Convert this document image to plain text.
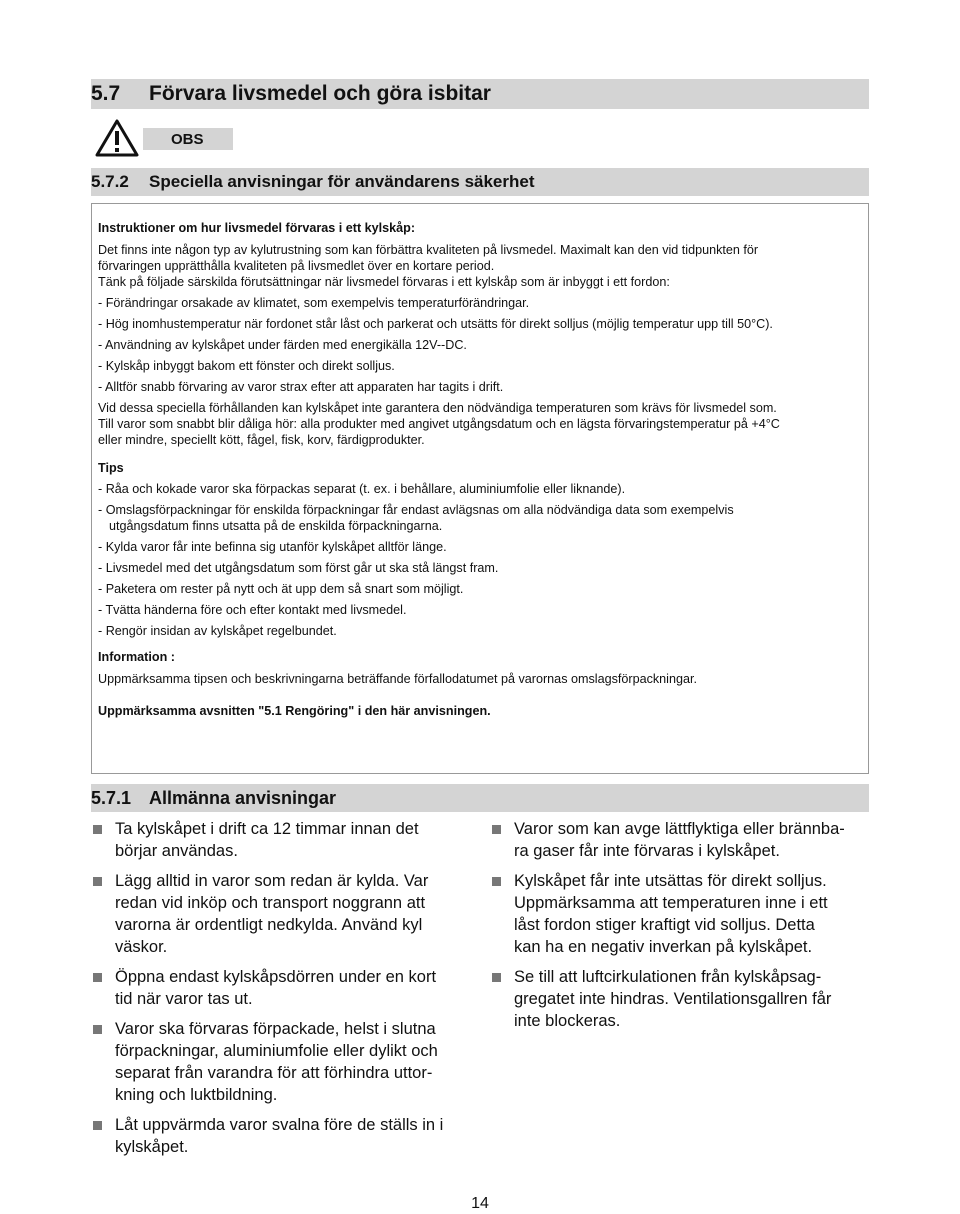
5.7	Förvara livsmedel och göra isbitar
OBS
5.7.2	Speciella anvisningar för användarens säkerhet

Instruktioner om hur livsmedel förvaras i ett kylskåp:

Det finns inte någon typ av kylutrustning som kan förbättra kvaliteten på livsmedel. Maximalt kan den vid tidpunkten för

förvaringen upprätthålla kvaliteten på livsmedlet över en kortare period.

Tänk på följade särskilda förutsättningar när livsmedel förvaras i ett kylskåp som är inbyggt i ett fordon:

- Förändringar orsakade av klimatet, som exempelvis temperaturförändringar.

- Hög inomhustemperatur när fordonet står låst och parkerat och utsätts för direkt solljus (möjlig temperatur upp till 50°C).

- Användning av kylskåpet under färden med energikälla 12V--DC.

- Kylskåp inbyggt bakom ett fönster och direkt solljus.

- Alltför snabb förvaring av varor strax efter att apparaten har tagits i drift.

Vid dessa speciella förhållanden kan kylskåpet inte garantera den nödvändiga temperaturen som krävs för livsmedel som.

Till varor som snabbt blir dåliga hör: alla produkter med angivet utgångsdatum och en lägsta förvaringstemperatur på +4°C

eller mindre, speciellt kött, fågel, fisk, korv, färdigprodukter.

Tips

- Råa och kokade varor ska förpackas separat (t. ex. i behållare, aluminiumfolie eller liknande).

- Omslagsförpackningar för enskilda förpackningar får endast avlägsnas om alla nödvändiga data som exempelvis

utgångsdatum finns utsatta på de enskilda förpackningarna.

- Kylda varor får inte befinna sig utanför kylskåpet alltför länge.

- Livsmedel med det utgångsdatum som först går ut ska stå längst fram.

- Paketera om rester på nytt och ät upp dem så snart som möjligt.

- Tvätta händerna före och efter kontakt med livsmedel.

- Rengör insidan av kylskåpet regelbundet.

Information :

Uppmärksamma tipsen och beskrivningarna beträffande förfallodatumet på varornas omslagsförpackningar.

Uppmärksamma avsnitten "5.1 Rengöring" i den här anvisningen.

5.7.1 Allmänna anvisningar
Ta kylskåpet i drift ca 12 timmar innan det
börjar användas.
Lägg alltid in varor som redan är kylda. Var
redan vid inköp och transport noggrann att
varorna är ordentligt nedkylda. Använd kyl
väskor.
Öppna endast kylskåpsdörren under en kort
tid när varor tas ut.
Varor ska förvaras förpackade, helst i slutna
förpackningar, aluminiumfolie eller dylikt och
separat från varandra för att förhindra uttor-
kning och luktbildning.
Låt uppvärmda varor svalna före de ställs in i
kylskåpet.
Varor som kan avge lättflyktiga eller brännba-
ra gaser får inte förvaras i kylskåpet.
Kylskåpet får inte utsättas för direkt solljus.
Uppmärksamma att temperaturen inne i ett
låst fordon stiger kraftigt vid solljus. Detta
kan ha en negativ inverkan på kylskåpet.
Se till att luftcirkulationen från kylskåpsag-
gregatet inte hindras. Ventilationsgallren får
inte blockeras.
14
